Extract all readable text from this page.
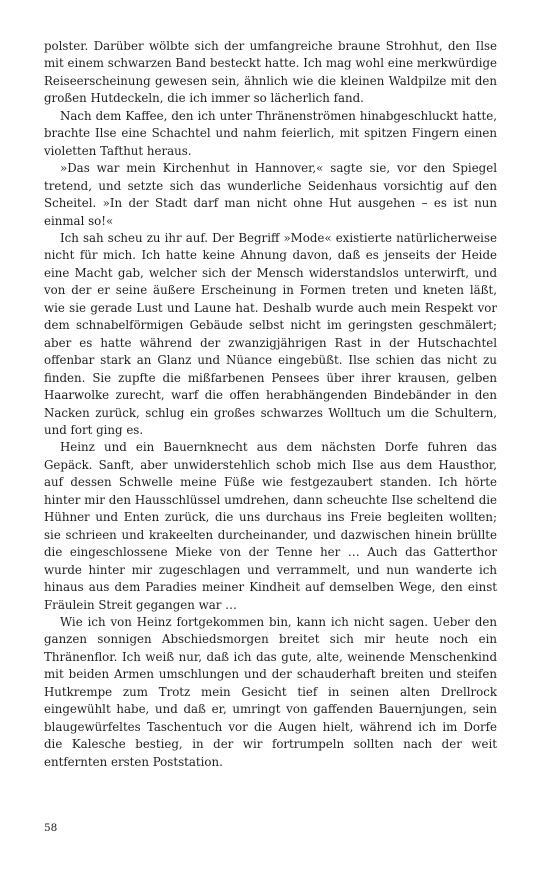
polster. Darüber wölbte sich der umfangreiche braune Strohhut, den Ilse mit einem schwarzen Band besteckt hatte. Ich mag wohl eine merkwürdige Reiseerscheinung gewesen sein, ähnlich wie die kleinen Waldpilze mit den großen Hutdeckeln, die ich immer so lächerlich fand.

Nach dem Kaffee, den ich unter Thränenströmen hinabgeschluckt hatte, brachte Ilse eine Schachtel und nahm feierlich, mit spitzen Fingern einen violetten Tafthut heraus.

»Das war mein Kirchenhut in Hannover,« sagte sie, vor den Spiegel tretend, und setzte sich das wunderliche Seidenhaus vorsichtig auf den Scheitel. »In der Stadt darf man nicht ohne Hut ausgehen – es ist nun einmal so!«

Ich sah scheu zu ihr auf. Der Begriff »Mode« existierte natürlicherweise nicht für mich. Ich hatte keine Ahnung davon, daß es jenseits der Heide eine Macht gab, welcher sich der Mensch widerstandslos unterwirft, und von der er seine äußere Erscheinung in Formen treten und kneten läßt, wie sie gerade Lust und Laune hat. Deshalb wurde auch mein Respekt vor dem schnabelförmigen Gebäude selbst nicht im geringsten geschmälert; aber es hatte während der zwanzigjährigen Rast in der Hutschachtel offenbar stark an Glanz und Nüance eingebüßt. Ilse schien das nicht zu finden. Sie zupfte die mißfarbenen Pensees über ihrer krausen, gelben Haarwolke zurecht, warf die offen herabhängenden Bindebänder in den Nacken zurück, schlug ein großes schwarzes Wolltuch um die Schultern, und fort ging es.

Heinz und ein Bauernknecht aus dem nächsten Dorfe fuhren das Gepäck. Sanft, aber unwiderstehlich schob mich Ilse aus dem Hausthor, auf dessen Schwelle meine Füße wie festgezaubert standen. Ich hörte hinter mir den Hausschlüssel umdrehen, dann scheuchte Ilse scheltend die Hühner und Enten zurück, die uns durchaus ins Freie begleiten wollten; sie schrieen und krakeelten durcheinander, und dazwischen hinein brüllte die eingeschlossene Mieke von der Tenne her … Auch das Gatterthor wurde hinter mir zugeschlagen und verrammelt, und nun wanderte ich hinaus aus dem Paradies meiner Kindheit auf demselben Wege, den einst Fräulein Streit gegangen war …

Wie ich von Heinz fortgekommen bin, kann ich nicht sagen. Ueber den ganzen sonnigen Abschiedsmorgen breitet sich mir heute noch ein Thränenflor. Ich weiß nur, daß ich das gute, alte, weinende Menschenkind mit beiden Armen umschlungen und der schauderhaft breiten und steifen Hutkrempe zum Trotz mein Gesicht tief in seinen alten Drellrock eingewühlt habe, und daß er, umringt von gaffenden Bauernjungen, sein blaugewürfeltes Taschentuch vor die Augen hielt, während ich im Dorfe die Kalesche bestieg, in der wir fortrumpeln sollten nach der weit entfernten ersten Poststation.

58
